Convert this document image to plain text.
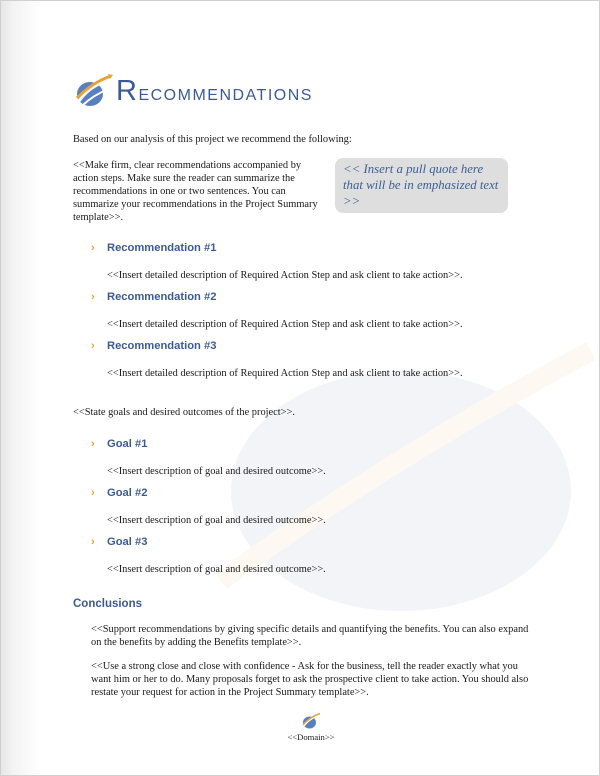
Recommendations

Based on our analysis of this project we recommend the following:

<<Make firm, clear recommendations accompanied by action steps. Make sure the reader can summarize the recommendations in one or two sentences. You can summarize your recommendations in the Project Summary template>>.

<< Insert a pull quote here that will be in emphasized text >>
› Recommendation #1

<<Insert detailed description of Required Action Step and ask client to take action>>.

› Recommendation #2

<<Insert detailed description of Required Action Step and ask client to take action>>.

› Recommendation #3

<<Insert detailed description of Required Action Step and ask client to take action>>.

<<State goals and desired outcomes of the project>>.

› Goal #1

<<Insert description of goal and desired outcome>>.

› Goal #2

<<Insert description of goal and desired outcome>>.

› Goal #3

<<Insert description of goal and desired outcome>>.

Conclusions

<<Support recommendations by giving specific details and quantifying the benefits. You can also expand on the benefits by adding the Benefits template>>.

<<Use a strong close and close with confidence - Ask for the business, tell the reader exactly what you want him or her to do. Many proposals forget to ask the prospective client to take action. You should also restate your request for action in the Project Summary template>>.

<<Domain>>
